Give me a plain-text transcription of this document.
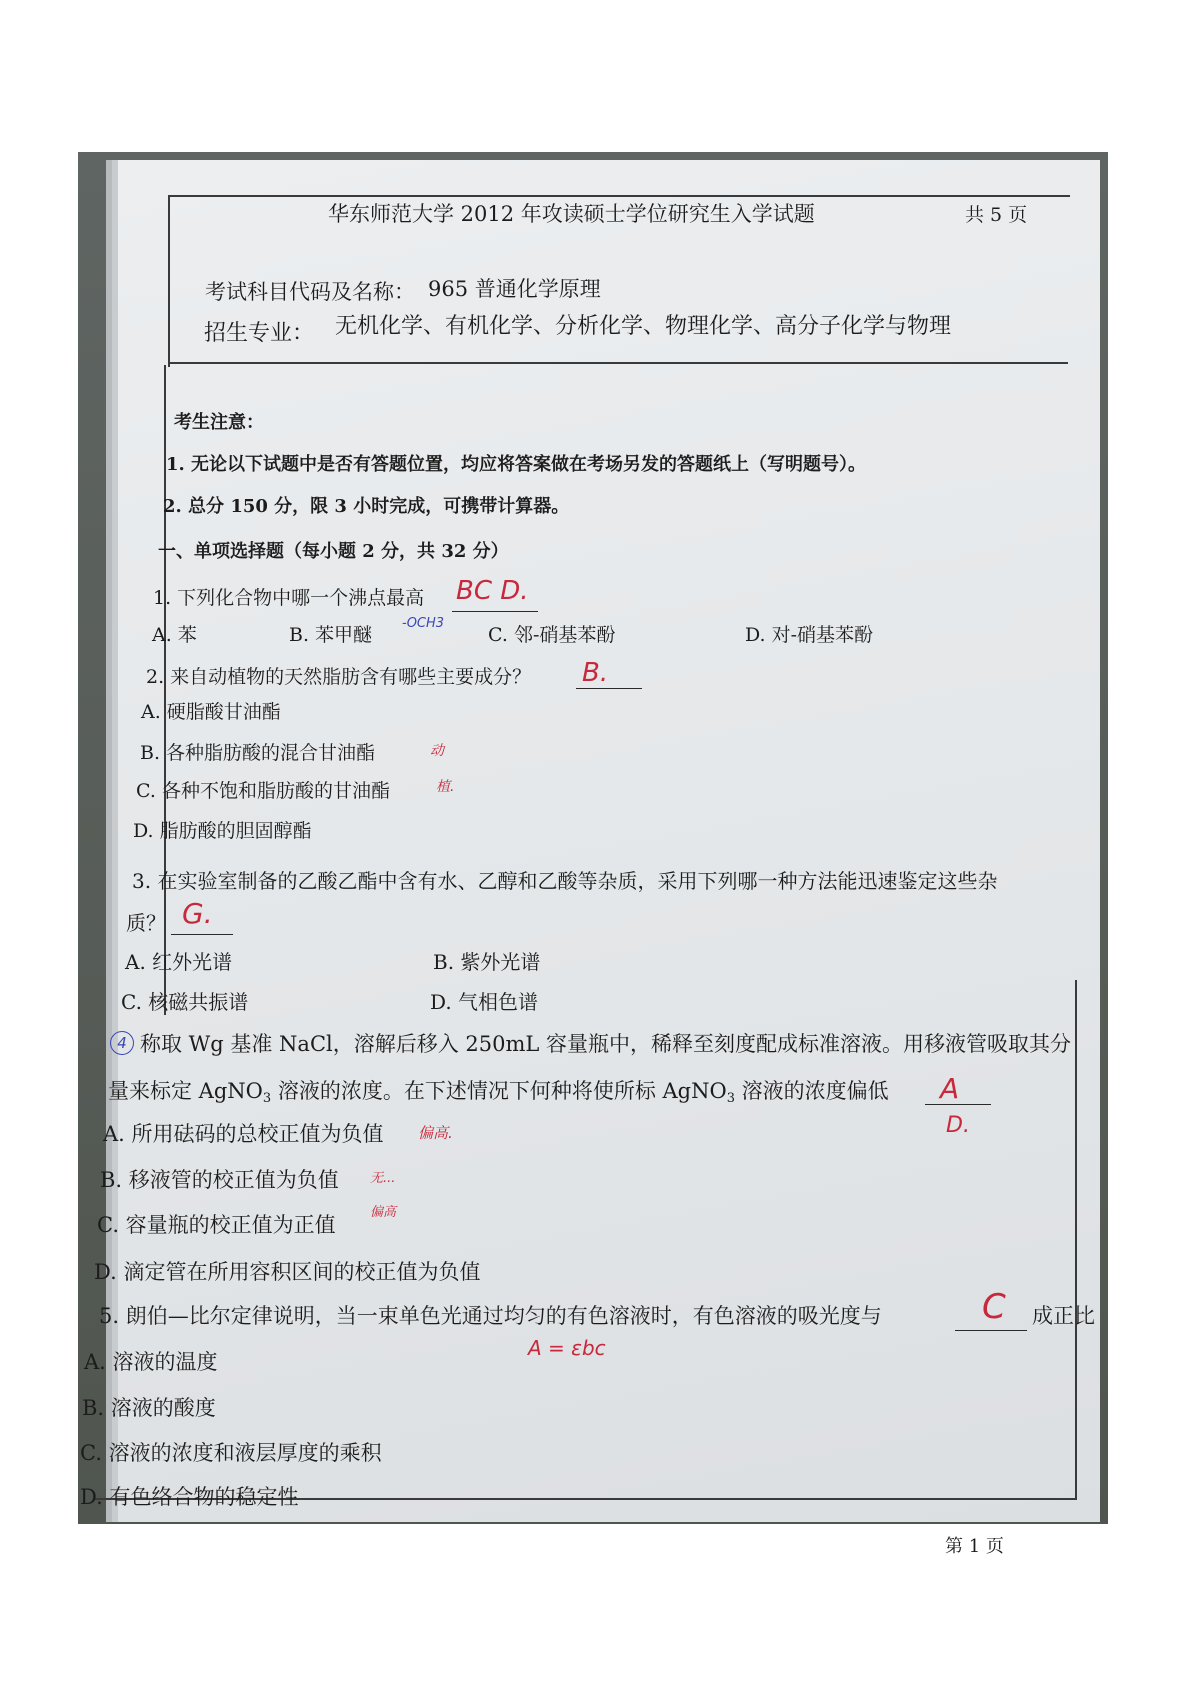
华东师范大学 2012 年攻读硕士学位研究生入学试题	共 5 页
考试科目代码及名称： 965 普通化学原理
招生专业： 无机化学、有机化学、分析化学、物理化学、高分子化学与物理
考生注意：
1. 无论以下试题中是否有答题位置，均应将答案做在考场另发的答题纸上（写明题号）。
2. 总分 150 分，限 3 小时完成，可携带计算器。
一、单项选择题（每小题 2 分，共 32 分）
1. 下列化合物中哪一个沸点最高 BC D.
A. 苯	B. 苯甲醚
-OCH3
C. 邻-硝基苯酚	D. 对-硝基苯酚
2. 来自动植物的天然脂肪含有哪些主要成分？ B.
A. 硬脂酸甘油酯
B. 各种脂肪酸的混合甘油酯	动
C. 各种不饱和脂肪酸的甘油酯	植.
D. 脂肪酸的胆固醇酯
3. 在实验室制备的乙酸乙酯中含有水、乙醇和乙酸等杂质，采用下列哪一种方法能迅速鉴定这些杂
质？ G.
A. 红外光谱	B. 紫外光谱
C. 核磁共振谱	D. 气相色谱
4 称取 Wg 基准 NaCl，溶解后移入 250mL 容量瓶中，稀释至刻度配成标准溶液。用移液管吸取其分
量来标定 AgNO$_3$ 溶液的浓度。在下述情况下何种将使所标 AgNO$_3$ 溶液的浓度偏低 A
D.
A. 所用砝码的总校正值为负值 偏高.
B. 移液管的校正值为负值 无...
C. 容量瓶的校正值为正值
偏高
D. 滴定管在所用容积区间的校正值为负值
5. 朗伯—比尔定律说明，当一束单色光通过均匀的有色溶液时，有色溶液的吸光度与	C 成正比
A = εbc
A. 溶液的温度
B. 溶液的酸度
C. 溶液的浓度和液层厚度的乘积
D. 有色络合物的稳定性
第 1 页
